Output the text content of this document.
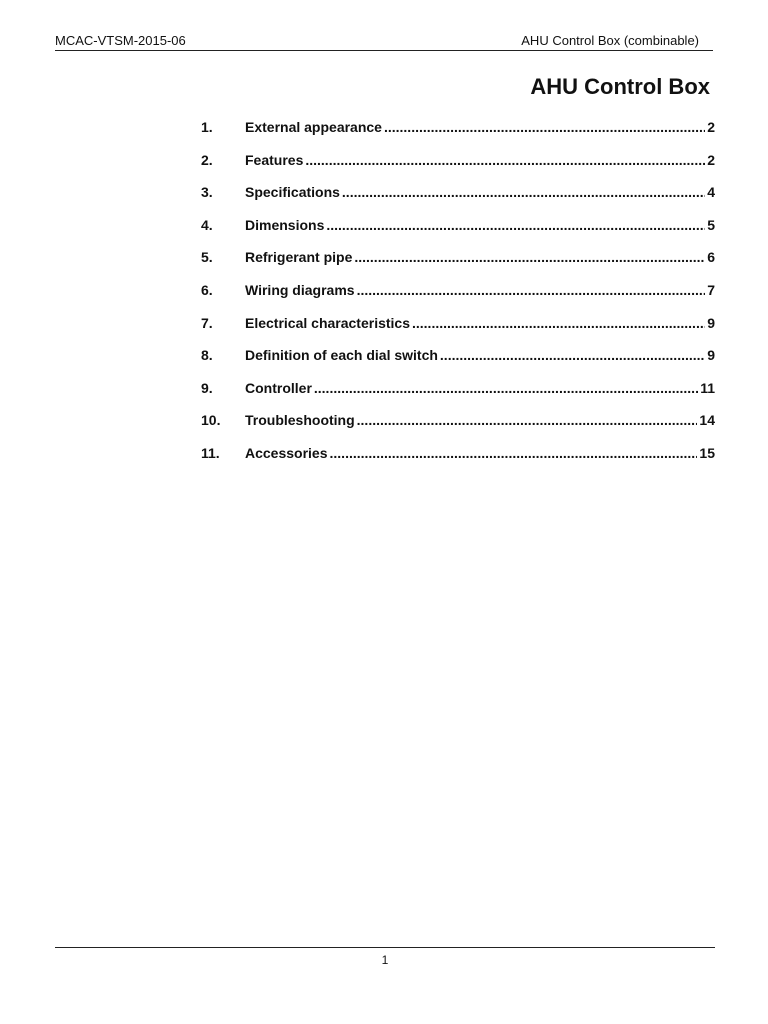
MCAC-VTSM-2015-06	AHU Control Box (combinable)
AHU Control Box
1.	External appearance .....	2
2.	Features .....	2
3.	Specifications .....	4
4.	Dimensions .....	5
5.	Refrigerant pipe .....	6
6.	Wiring diagrams .....	7
7.	Electrical characteristics .....	9
8.	Definition of each dial switch .....	9
9.	Controller .....	11
10.	Troubleshooting .....	14
11.	Accessories .....	15
1
